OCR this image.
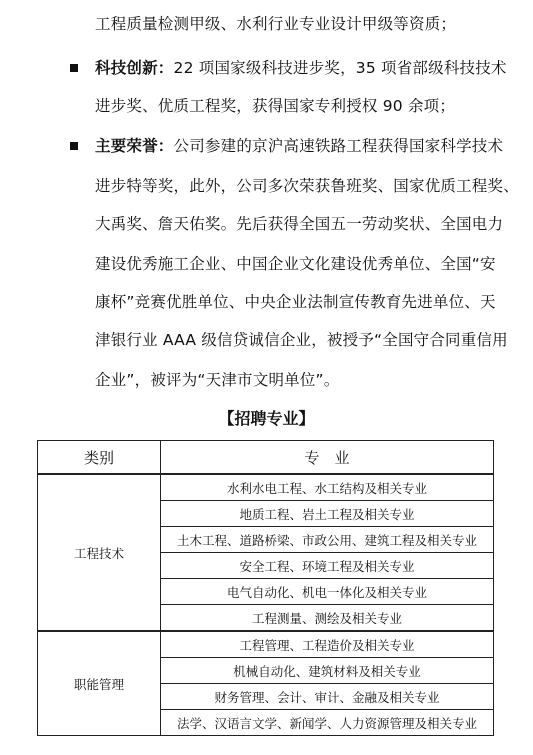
工程质量检测甲级、水利行业专业设计甲级等资质；
科技创新：22 项国家级科技进步奖，35 项省部级科技技术
进步奖、优质工程奖，获得国家专利授权 90 余项；
主要荣誉：公司参建的京沪高速铁路工程获得国家科学技术
进步特等奖，此外，公司多次荣获鲁班奖、国家优质工程奖、
大禹奖、詹天佑奖。先后获得全国五一劳动奖状、全国电力
建设优秀施工企业、中国企业文化建设优秀单位、全国“安
康杯”竞赛优胜单位、中央企业法制宣传教育先进单位、天
津银行业 AAA 级信贷诚信企业，被授予“全国守合同重信用
企业”，被评为“天津市文明单位”。
【招聘专业】
类别	专　业
工程技术	水利水电工程、水工结构及相关专业
	地质工程、岩土工程及相关专业
	土木工程、道路桥梁、市政公用、建筑工程及相关专业
	安全工程、环境工程及相关专业
	电气自动化、机电一体化及相关专业
	工程测量、测绘及相关专业
职能管理	工程管理、工程造价及相关专业
	机械自动化、建筑材料及相关专业
	财务管理、会计、审计、金融及相关专业
	法学、汉语言文学、新闻学、人力资源管理及相关专业
